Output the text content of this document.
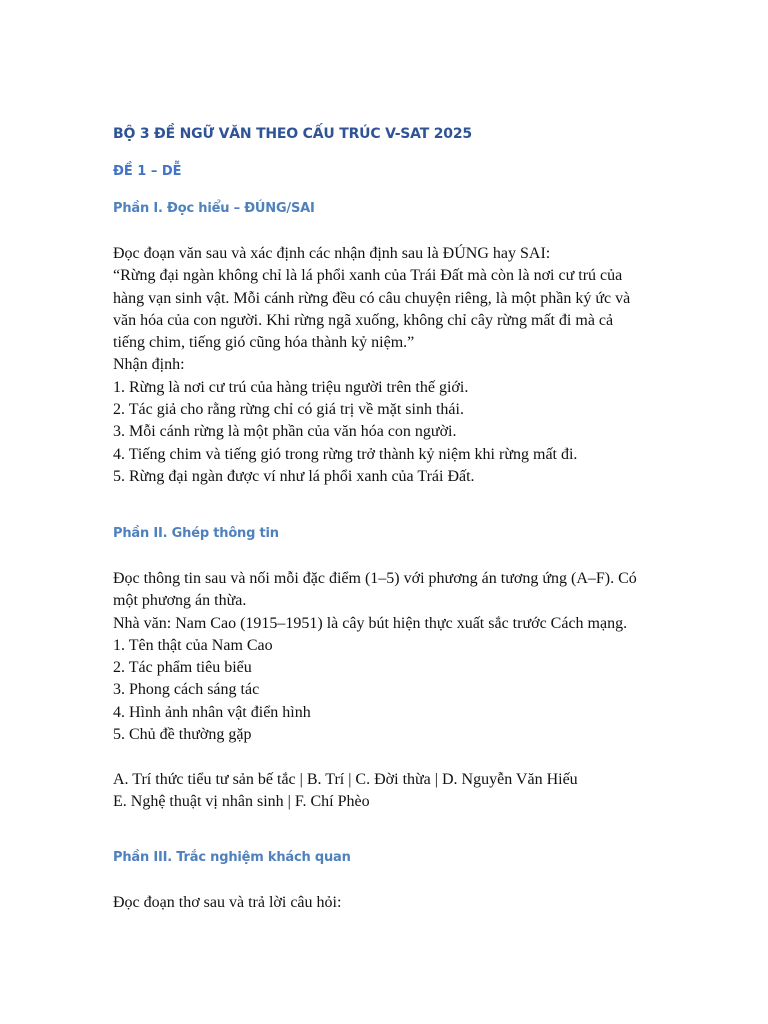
BỘ 3 ĐỀ NGỮ VĂN THEO CẤU TRÚC V-SAT 2025
ĐỀ 1 – DỄ
Phần I. Đọc hiểu – ĐÚNG/SAI
Đọc đoạn văn sau và xác định các nhận định sau là ĐÚNG hay SAI:
“Rừng đại ngàn không chỉ là lá phổi xanh của Trái Đất mà còn là nơi cư trú của
hàng vạn sinh vật. Mỗi cánh rừng đều có câu chuyện riêng, là một phần ký ức và
văn hóa của con người. Khi rừng ngã xuống, không chỉ cây rừng mất đi mà cả
tiếng chim, tiếng gió cũng hóa thành kỷ niệm.”
Nhận định:
1. Rừng là nơi cư trú của hàng triệu người trên thế giới.
2. Tác giả cho rằng rừng chỉ có giá trị về mặt sinh thái.
3. Mỗi cánh rừng là một phần của văn hóa con người.
4. Tiếng chim và tiếng gió trong rừng trở thành kỷ niệm khi rừng mất đi.
5. Rừng đại ngàn được ví như lá phổi xanh của Trái Đất.
Phần II. Ghép thông tin
Đọc thông tin sau và nối mỗi đặc điểm (1–5) với phương án tương ứng (A–F). Có
một phương án thừa.
Nhà văn: Nam Cao (1915–1951) là cây bút hiện thực xuất sắc trước Cách mạng.
1. Tên thật của Nam Cao
2. Tác phẩm tiêu biểu
3. Phong cách sáng tác
4. Hình ảnh nhân vật điển hình
5. Chủ đề thường gặp
A. Trí thức tiểu tư sản bế tắc | B. Trí | C. Đời thừa | D. Nguyễn Văn Hiếu
E. Nghệ thuật vị nhân sinh | F. Chí Phèo
Phần III. Trắc nghiệm khách quan
Đọc đoạn thơ sau và trả lời câu hỏi:
